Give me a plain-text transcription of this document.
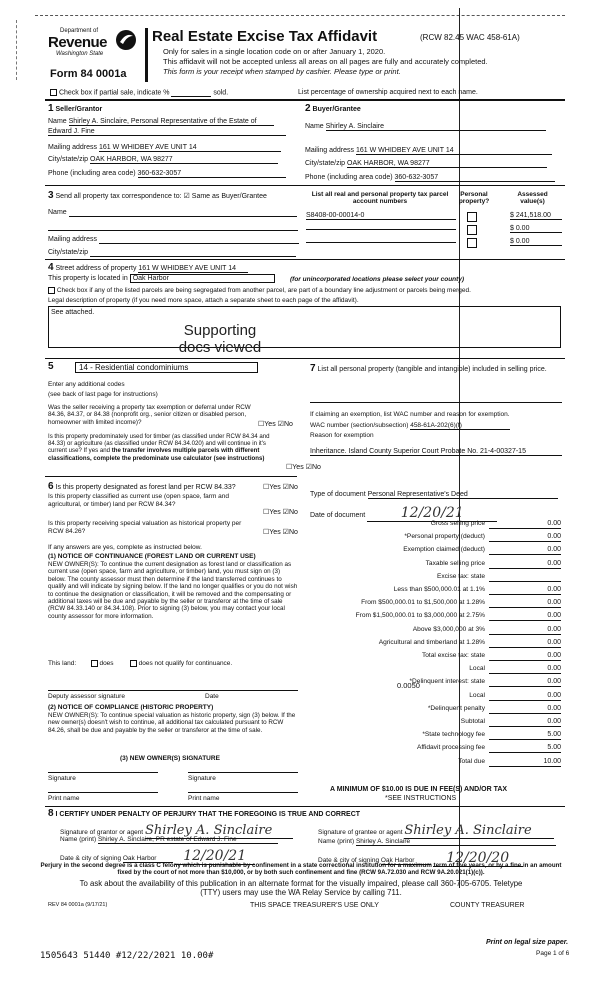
Department of
Revenue
Washington State
Form 84 0001a
Real Estate Excise Tax Affidavit	(RCW 82.45 WAC 458-61A)
Only for sales in a single location code on or after January 1, 2020.
This affidavit will not be accepted unless all areas on all pages are fully and accurately completed.
This form is your receipt when stamped by cashier. Please type or print.
Check box if partial sale, indicate %	sold.	List percentage of ownership acquired next to each name.
1 Seller/Grantor
Name Shirley A. Sinclaire, Personal Representative of the Estate of
Edward J. Fine
Mailing address 161 W WHIDBEY AVE UNIT 14
City/state/zip OAK HARBOR, WA 98277
Phone (including area code) 360-632-3057
2 Buyer/Grantee
Name Shirley A. Sinclaire
Mailing address 161 W WHIDBEY AVE UNIT 14
City/state/zip OAK HARBOR, WA 98277
Phone (including area code) 360-632-3057
3 Send all property tax correspondence to: ☑ Same as Buyer/Grantee
Name
Mailing address
City/state/zip
List all real and personal property tax parcel account numbers
Personal property?
Assessed value(s)
S8408-00-00014-0	$ 241,518.00
$ 0.00
$ 0.00
4 Street address of property 161 W WHIDBEY AVE UNIT 14
This property is located in Oak Harbor	(for unincorporated locations please select your county)
Check box if any of the listed parcels are being segregated from another parcel, are part of a boundary line adjustment or parcels being merged.
Legal description of property (if you need more space, attach a separate sheet to each page of the affidavit).
See attached.
Supporting
docs viewed
5	14 - Residential condominiums
Enter any additional codes
(see back of last page for instructions)
Was the seller receiving a property tax exemption or deferral under RCW 84.36, 84.37, or 84.38 (nonprofit org., senior citizen or disabled person, homeowner with limited income)?	☐Yes ☑No
Is this property predominately used for timber (as classified under RCW 84.34 and 84.33) or agriculture (as classified under RCW 84.34.020) and will continue in it's current use? If yes and the transfer involves multiple parcels with different classifications, complete the predominate use calculator (see instructions)
☐Yes ☑No
6 Is this property designated as forest land per RCW 84.33?	☐Yes ☑No
Is this property classified as current use (open space, farm and agricultural, or timber) land per RCW 84.34?
☐Yes ☑No
Is this property receiving special valuation as historical property per RCW 84.26?	☐Yes ☑No
If any answers are yes, complete as instructed below.
(1) NOTICE OF CONTINUANCE (FOREST LAND OR CURRENT USE)
NEW OWNER(S): To continue the current designation as forest land or classification as current use (open space, farm and agriculture, or timber) land, you must sign on (3) below. The county assessor must then determine if the land transferred continues to qualify and will indicate by signing below. If the land no longer qualifies or you do not wish to continue the designation or classification, it will be removed and the compensating or additional taxes will be due and payable by the seller or transferor at the time of sale (RCW 84.33.140 or 84.34.108). Prior to signing (3) below, you may contact your local county assessor for more information.
This land:	does	does not qualify for continuance.
Deputy assessor signature	Date
(2) NOTICE OF COMPLIANCE (HISTORIC PROPERTY)
NEW OWNER(S): To continue special valuation as historic property, sign (3) below. If the new owner(s) doesn't wish to continue, all additional tax calculated pursuant to RCW 84.26, shall be due and payable by the seller or transferor at the time of sale.
(3) NEW OWNER(S) SIGNATURE
Signature	Signature
Print name	Print name
7 List all personal property (tangible and intangible) included in selling price.
If claiming an exemption, list WAC number and reason for exemption.
WAC number (section/subsection) 458-61A-202(6)(f)
Reason for exemption
Inheritance. Island County Superior Court Probate No. 21-4-00327-15
Type of document Personal Representative's Deed
Date of document	12/20/21
Gross selling price	0.00
*Personal property (deduct)	0.00
Exemption claimed (deduct)	0.00
Taxable selling price	0.00
Excise tax: state
Less than $500,000.01 at 1.1%	0.00
From $500,000.01 to $1,500,000 at 1.28%	0.00
From $1,500,000.01 to $3,000,000 at 2.75%	0.00
Above $3,000,000 at 3%	0.00
Agricultural and timberland at 1.28%	0.00
Total excise tax: state	0.00
Local	0.00
*Delinquent interest: state	0.00
Local	0.00
*Delinquent penalty	0.00
Subtotal	0.00
*State technology fee	5.00
Affidavit processing fee	5.00
Total due	10.00
0.0050
A MINIMUM OF $10.00 IS DUE IN FEE(S) AND/OR TAX
*SEE INSTRUCTIONS
8 I CERTIFY UNDER PENALTY OF PERJURY THAT THE FOREGOING IS TRUE AND CORRECT
Signature of grantor or agent Shirley A. Sinclaire	Signature of grantee or agent Shirley A. Sinclaire
Name (print) Shirley A. Sinclaire, PR estate of Edward J. Fine	Name (print) Shirley A. Sinclaire
Date & city of signing Oak Harbor 12/20/21	Date & city of signing Oak Harbor 12/20/20
Perjury in the second degree is a class C felony which is punishable by confinement in a state correctional institution for a maximum term of five years, or by a fine in an amount fixed by the court of not more than $10,000, or by both such confinement and fine (RCW 9A.72.030 and RCW 9A.20.021(1)(c)).
To ask about the availability of this publication in an alternate format for the visually impaired, please call 360-705-6705. Teletype
(TTY) users may use the WA Relay Service by calling 711.
REV 84 0001a (9/17/21)	THIS SPACE TREASURER'S USE ONLY	COUNTY TREASURER
Print on legal size paper.
Page 1 of 6
1505643 51440 #12/22/2021 10.00#
